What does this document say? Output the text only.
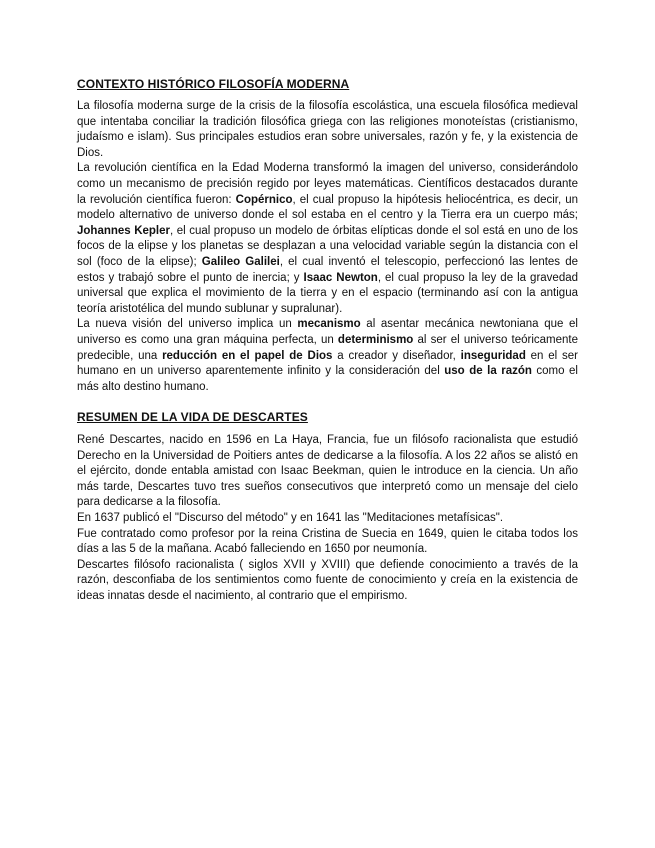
CONTEXTO HISTÓRICO FILOSOFÍA MODERNA

La filosofía moderna surge de la crisis de la filosofía escolástica, una escuela filosófica medieval que intentaba conciliar la tradición filosófica griega con las religiones monoteístas (cristianismo, judaísmo e islam). Sus principales estudios eran sobre universales, razón y fe, y la existencia de Dios.

La revolución científica en la Edad Moderna transformó la imagen del universo, considerándolo como un mecanismo de precisión regido por leyes matemáticas. Científicos destacados durante la revolución científica fueron: Copérnico, el cual propuso la hipótesis heliocéntrica, es decir, un modelo alternativo de universo donde el sol estaba en el centro y la Tierra era un cuerpo más; Johannes Kepler, el cual propuso un modelo de órbitas elípticas donde el sol está en uno de los focos de la elipse y los planetas se desplazan a una velocidad variable según la distancia con el sol (foco de la elipse); Galileo Galilei, el cual inventó el telescopio, perfeccionó las lentes de estos y trabajó sobre el punto de inercia; y Isaac Newton, el cual propuso la ley de la gravedad universal que explica el movimiento de la tierra y en el espacio (terminando así con la antigua teoría aristotélica del mundo sublunar y supralunar).

La nueva visión del universo implica un mecanismo al asentar mecánica newtoniana que el universo es como una gran máquina perfecta, un determinismo al ser el universo teóricamente predecible, una reducción en el papel de Dios a creador y diseñador, inseguridad en el ser humano en un universo aparentemente infinito y la consideración del uso de la razón como el más alto destino humano.

RESUMEN DE LA VIDA DE DESCARTES

René Descartes, nacido en 1596 en La Haya, Francia, fue un filósofo racionalista que estudió Derecho en la Universidad de Poitiers antes de dedicarse a la filosofía. A los 22 años se alistó en el ejército, donde entabla amistad con Isaac Beekman, quien le introduce en la ciencia. Un año más tarde, Descartes tuvo tres sueños consecutivos que interpretó como un mensaje del cielo para dedicarse a la filosofía.

En 1637 publicó el "Discurso del método" y en 1641 las "Meditaciones metafísicas".

Fue contratado como profesor por la reina Cristina de Suecia en 1649, quien le citaba todos los días a las 5 de la mañana. Acabó falleciendo en 1650 por neumonía.

Descartes filósofo racionalista ( siglos XVII y XVIII) que defiende conocimiento a través de la razón, desconfiaba de los sentimientos como fuente de conocimiento y creía en la existencia de ideas innatas desde el nacimiento, al contrario que el empirismo.
